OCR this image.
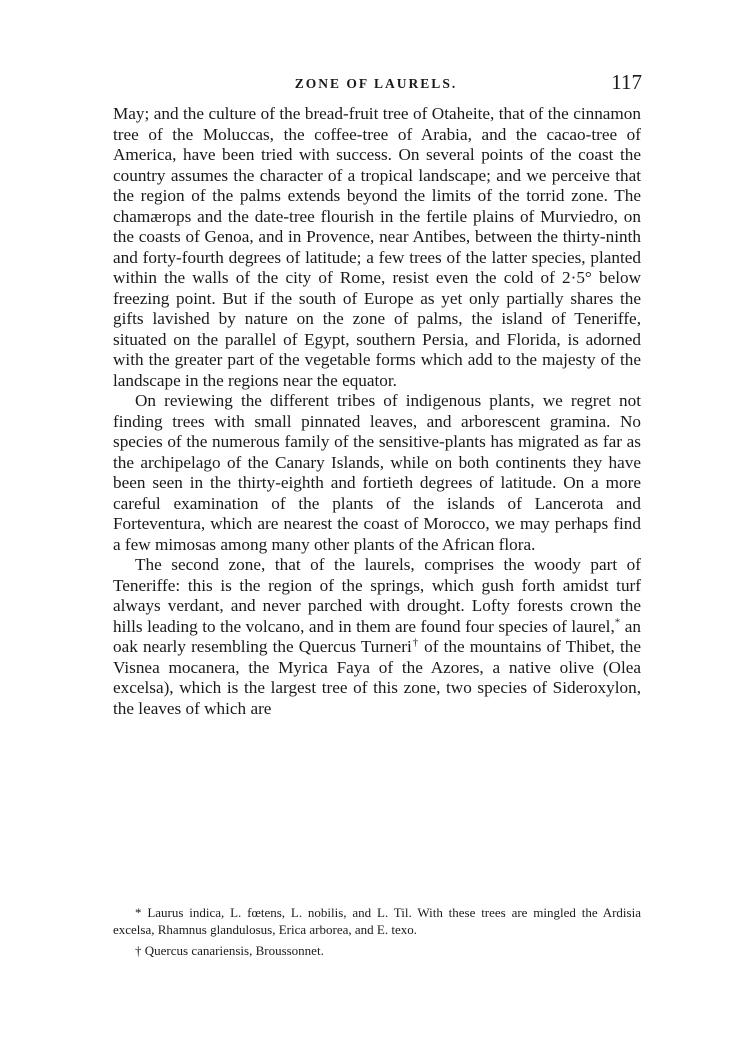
ZONE OF LAURELS.	117

May; and the culture of the bread-fruit tree of Otaheite, that of the cinnamon tree of the Moluccas, the coffee-tree of Arabia, and the cacao-tree of America, have been tried with success. On several points of the coast the country assumes the character of a tropical landscape; and we perceive that the region of the palms extends beyond the limits of the torrid zone. The chamærops and the date-tree flourish in the fertile plains of Murviedro, on the coasts of Genoa, and in Provence, near Antibes, between the thirty-ninth and forty-fourth degrees of latitude; a few trees of the latter species, planted within the walls of the city of Rome, resist even the cold of 2·5° below freezing point. But if the south of Europe as yet only partially shares the gifts lavished by nature on the zone of palms, the island of Teneriffe, situated on the parallel of Egypt, southern Persia, and Florida, is adorned with the greater part of the vegetable forms which add to the majesty of the landscape in the regions near the equator.

On reviewing the different tribes of indigenous plants, we regret not finding trees with small pinnated leaves, and arborescent gramina. No species of the numerous family of the sensitive-plants has migrated as far as the archipelago of the Canary Islands, while on both continents they have been seen in the thirty-eighth and fortieth degrees of latitude. On a more careful examination of the plants of the islands of Lancerota and Forteventura, which are nearest the coast of Morocco, we may perhaps find a few mimosas among many other plants of the African flora.

The second zone, that of the laurels, comprises the woody part of Teneriffe: this is the region of the springs, which gush forth amidst turf always verdant, and never parched with drought. Lofty forests crown the hills leading to the volcano, and in them are found four species of laurel,* an oak nearly resembling the Quercus Turneri† of the mountains of Thibet, the Visnea mocanera, the Myrica Faya of the Azores, a native olive (Olea excelsa), which is the largest tree of this zone, two species of Sideroxylon, the leaves of which are

* Laurus indica, L. fœtens, L. nobilis, and L. Til. With these trees are mingled the Ardisia excelsa, Rhamnus glandulosus, Erica arborea, and E. texo.

† Quercus canariensis, Broussonnet.
